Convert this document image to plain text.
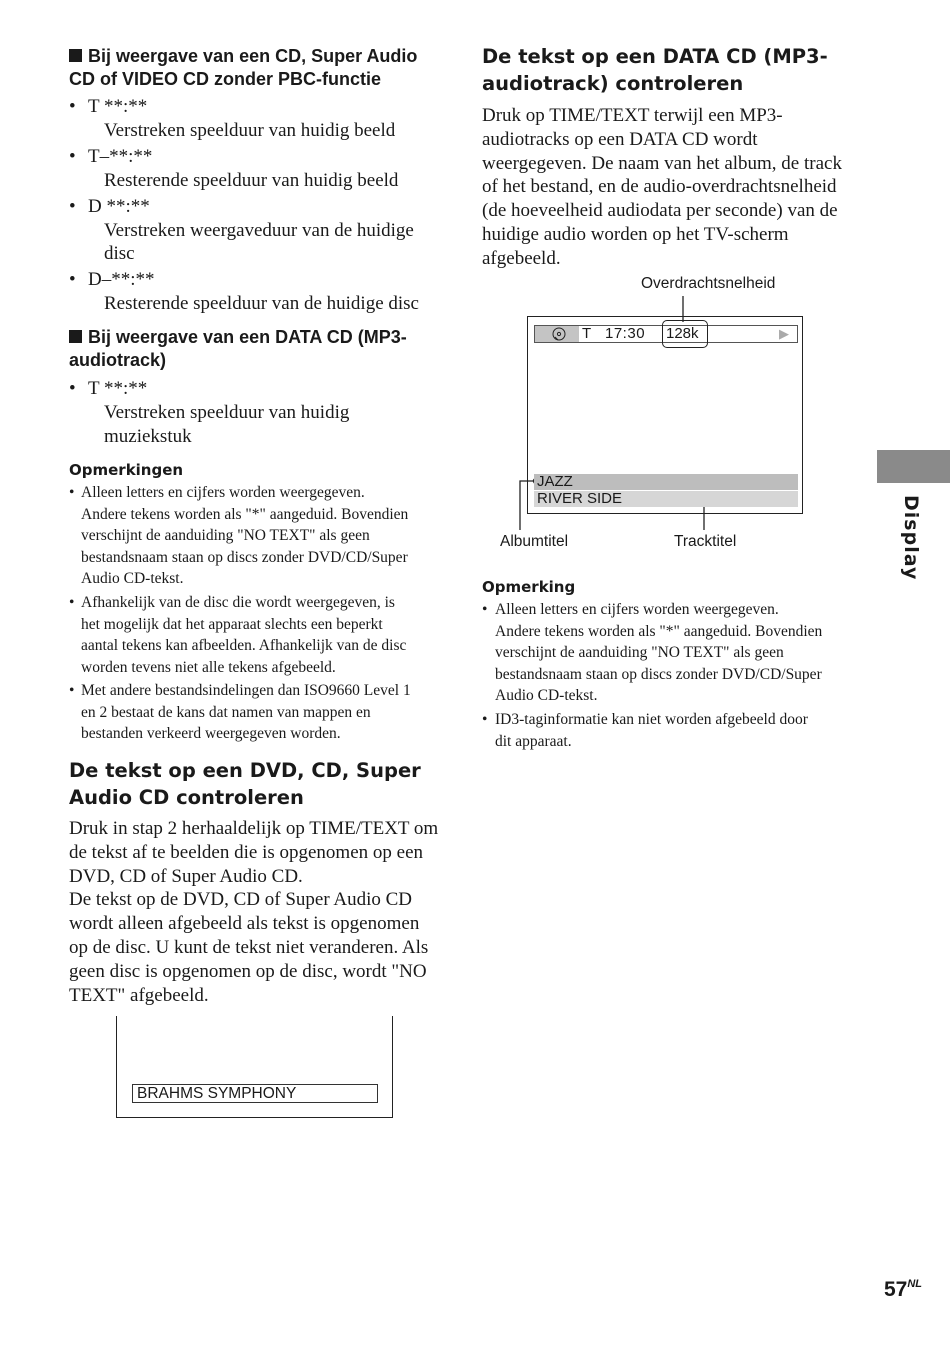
Bij weergave van een CD, Super Audio
CD of VIDEO CD zonder PBC-functie
• T **:**
Verstreken speelduur van huidig beeld
• T–**:**
Resterende speelduur van huidig beeld
• D **:**
Verstreken weergaveduur van de huidige
disc
• D–**:**
Resterende speelduur van de huidige disc
Bij weergave van een DATA CD (MP3-
audiotrack)
• T **:**
Verstreken speelduur van huidig
muziekstuk
Opmerkingen
• Alleen letters en cijfers worden weergegeven.
Andere tekens worden als "*" aangeduid. Bovendien
verschijnt de aanduiding "NO TEXT" als geen
bestandsnaam staan op discs zonder DVD/CD/Super
Audio CD-tekst.
• Afhankelijk van de disc die wordt weergegeven, is
het mogelijk dat het apparaat slechts een beperkt
aantal tekens kan afbeelden. Afhankelijk van de disc
worden tevens niet alle tekens afgebeeld.
• Met andere bestandsindelingen dan ISO9660 Level 1
en 2 bestaat de kans dat namen van mappen en
bestanden verkeerd weergegeven worden.
De tekst op een DVD, CD, Super
Audio CD controleren
Druk in stap 2 herhaaldelijk op TIME/TEXT om
de tekst af te beelden die is opgenomen op een
DVD, CD of Super Audio CD.
De tekst op de DVD, CD of Super Audio CD
wordt alleen afgebeeld als tekst is opgenomen
op de disc. U kunt de tekst niet veranderen. Als
geen disc is opgenomen op de disc, wordt "NO
TEXT" afgebeeld.
BRAHMS SYMPHONY
De tekst op een DATA CD (MP3-
audiotrack) controleren
Druk op TIME/TEXT terwijl een MP3-
audiotracks op een DATA CD wordt
weergegeven. De naam van het album, de track
of het bestand, en de audio-overdrachtsnelheid
(de hoeveelheid audiodata per seconde) van de
huidige audio worden op het TV-scherm
afgebeeld.
Overdrachtsnelheid
T 17:30 128k	▶
JAZZ
RIVER SIDE
Albumtitel	Tracktitel
Opmerking
• Alleen letters en cijfers worden weergegeven.
Andere tekens worden als "*" aangeduid. Bovendien
verschijnt de aanduiding "NO TEXT" als geen
bestandsnaam staan op discs zonder DVD/CD/Super
Audio CD-tekst.
• ID3-taginformatie kan niet worden afgebeeld door
dit apparaat.
Display
$57^{NL}$
